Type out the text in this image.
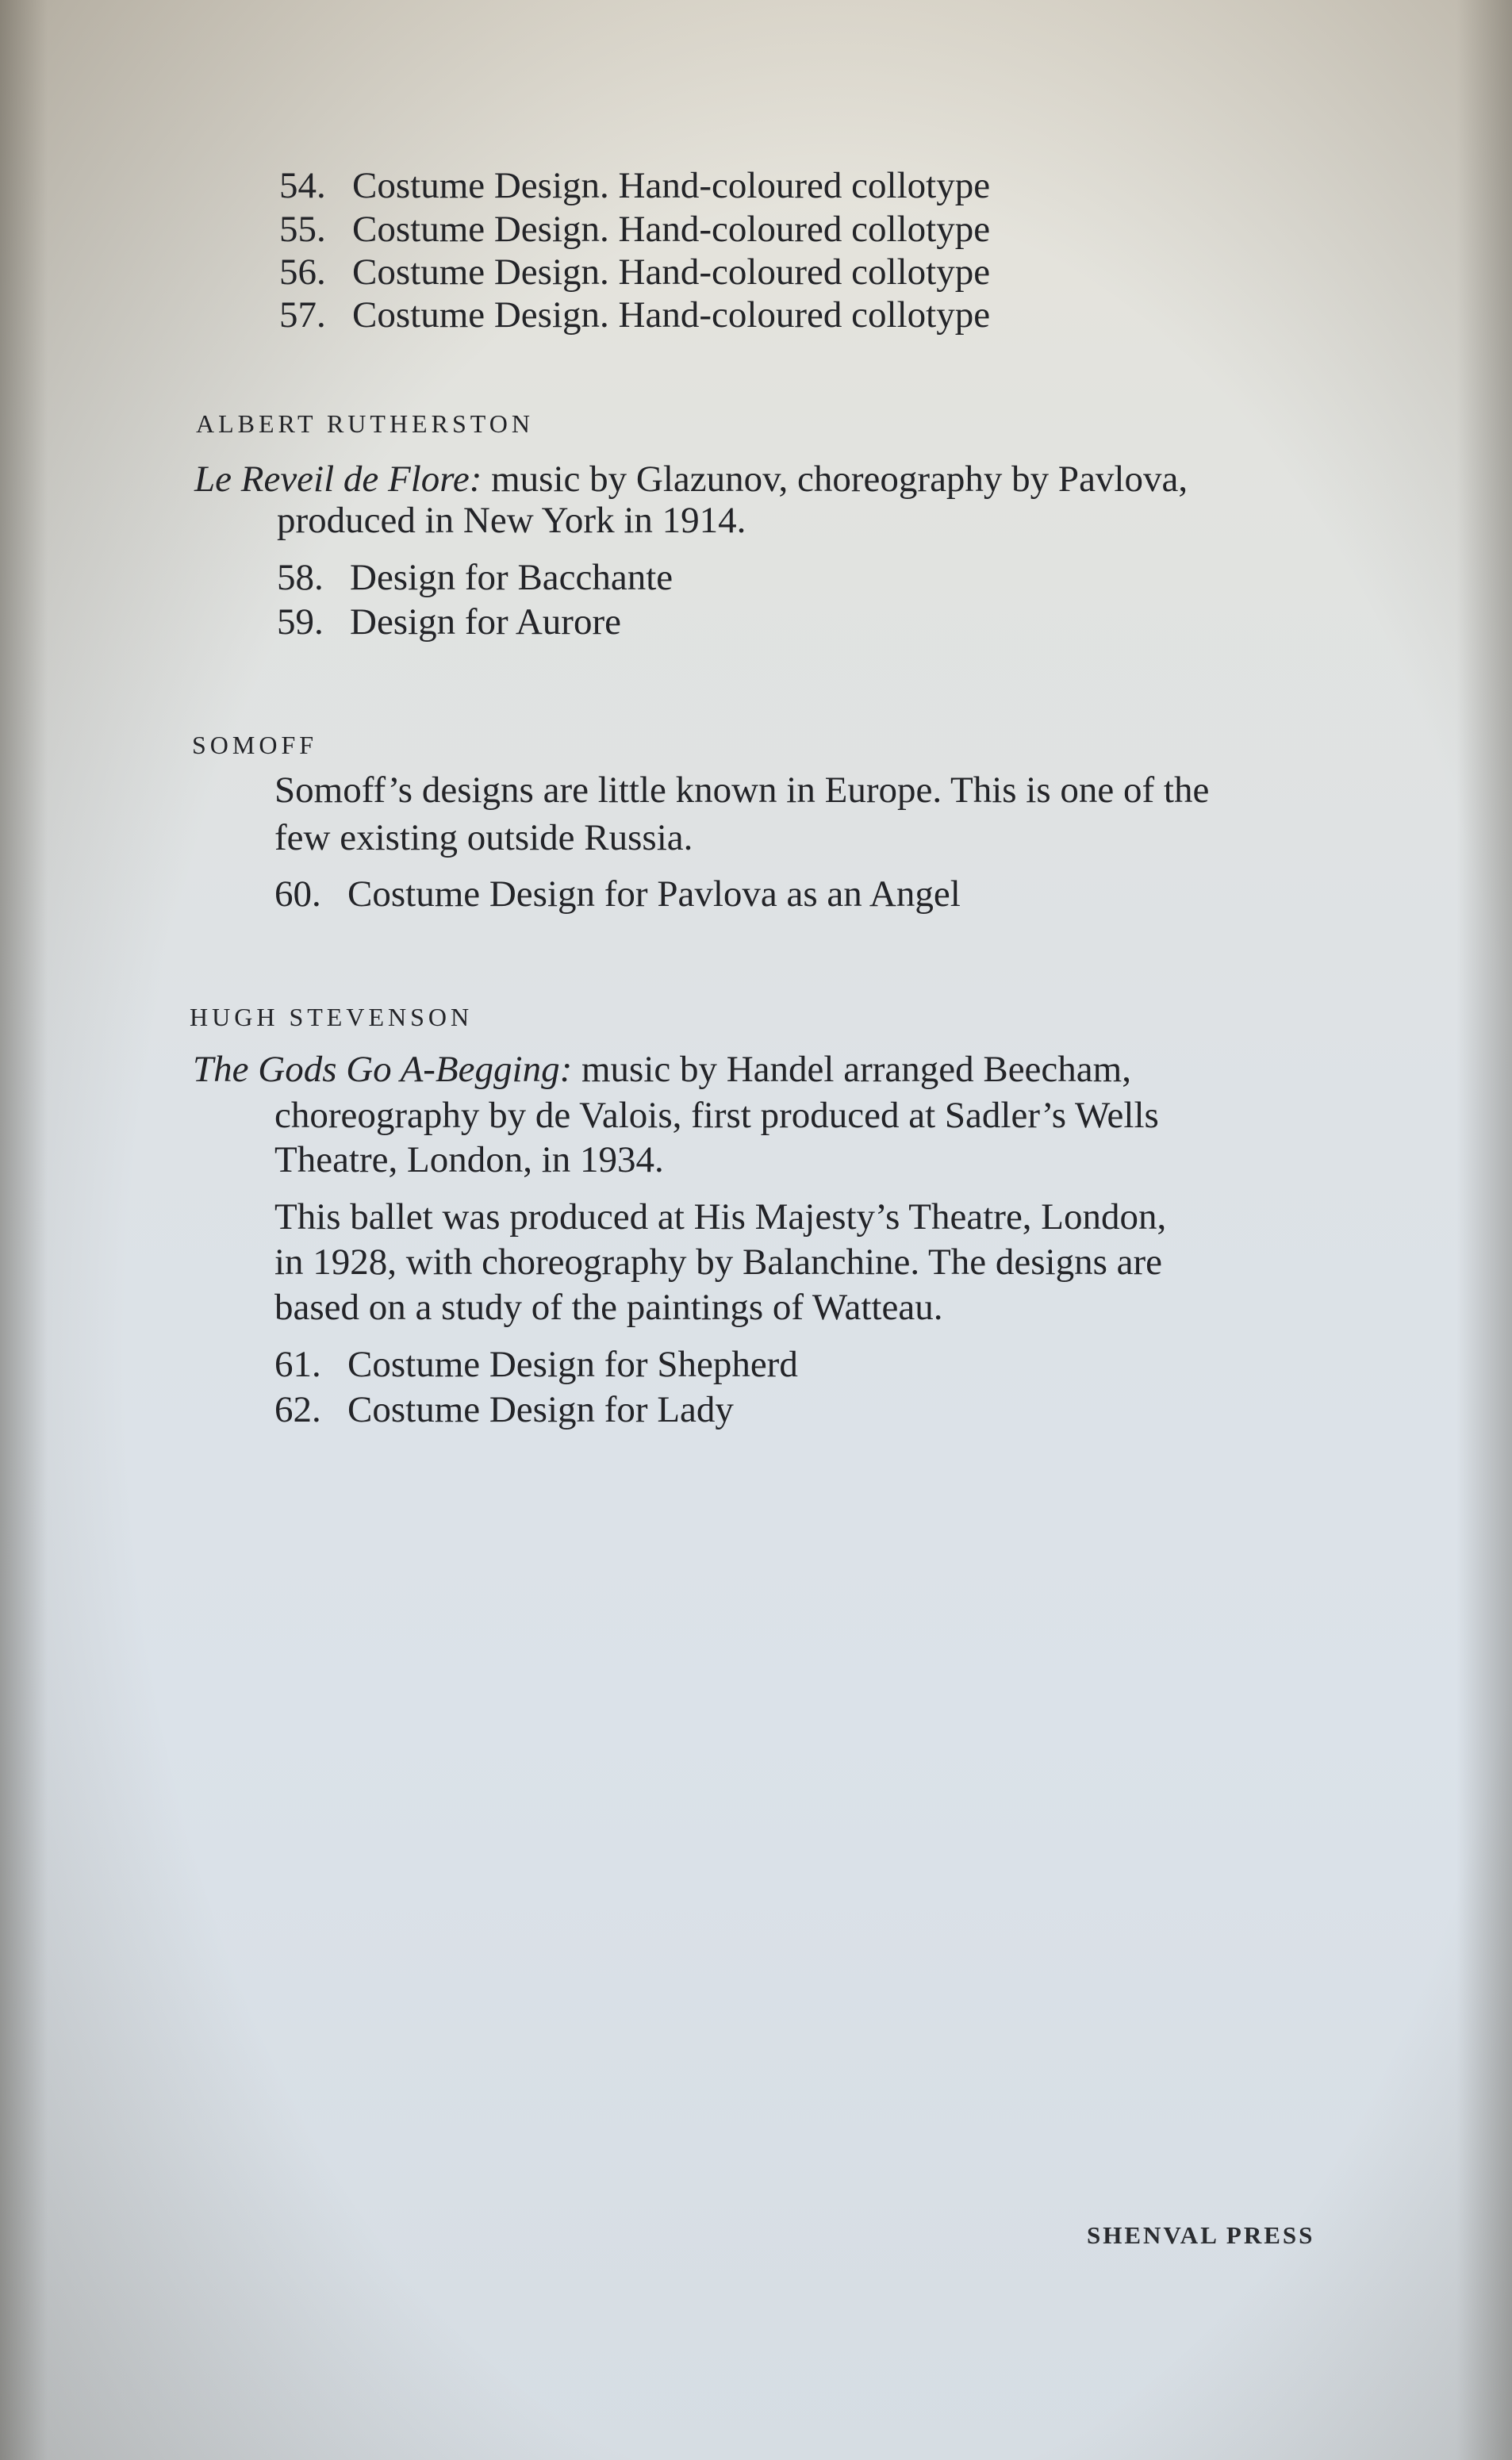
54. Costume Design. Hand-coloured collotype
55. Costume Design. Hand-coloured collotype
56. Costume Design. Hand-coloured collotype
57. Costume Design. Hand-coloured collotype
ALBERT RUTHERSTON
Le Reveil de Flore: music by Glazunov, choreography by Pavlova,
produced in New York in 1914.
58. Design for Bacchante
59. Design for Aurore
SOMOFF
Somoff’s designs are little known in Europe. This is one of the
few existing outside Russia.
60. Costume Design for Pavlova as an Angel
HUGH STEVENSON
The Gods Go A-Begging: music by Handel arranged Beecham,
choreography by de Valois, first produced at Sadler’s Wells
Theatre, London, in 1934.
This ballet was produced at His Majesty’s Theatre, London,
in 1928, with choreography by Balanchine. The designs are
based on a study of the paintings of Watteau.
61. Costume Design for Shepherd
62. Costume Design for Lady
SHENVAL PRESS
